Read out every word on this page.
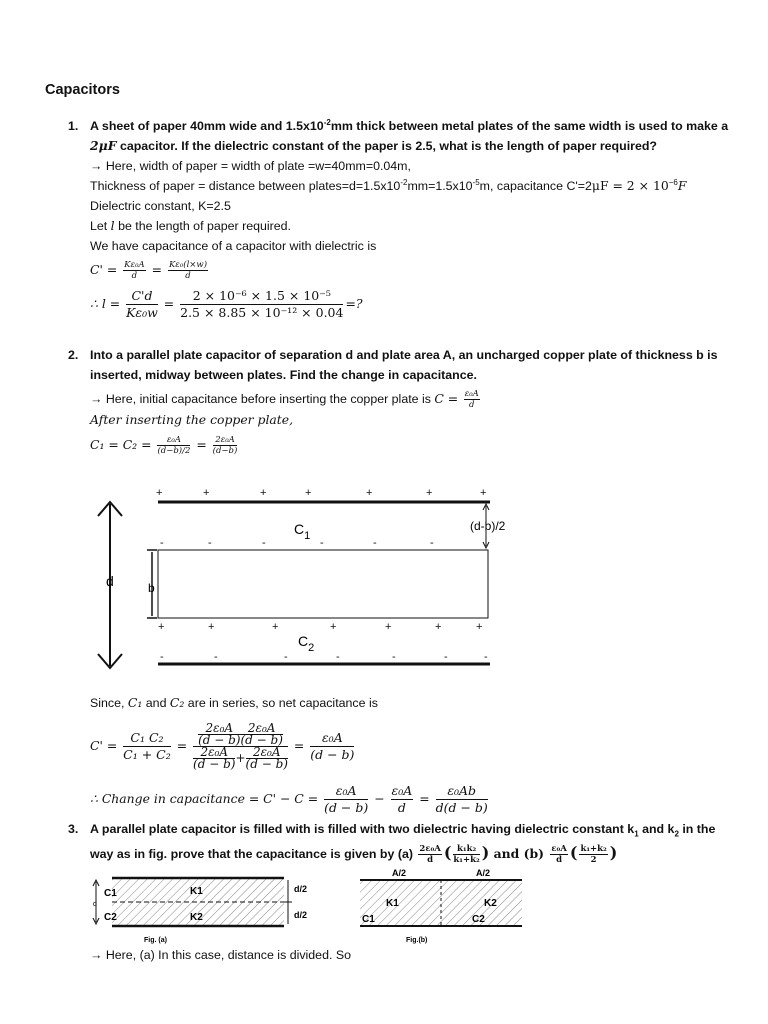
Capacitors
1. A sheet of paper 40mm wide and $1.5x10^{-2}mm$ thick between metal plates of the same width is used to make a
2μF capacitor. If the dielectric constant of the paper is 2.5, what is the length of paper required?
→ Here, width of paper = width of plate =w=40mm=0.04m,
Thickness of paper = distance between $plates=d=1.5x10^{-2}mm=1.5x10^{-5}m$, capacitance $C'=2\mu F = 2 \times 10^{-6}F$
Dielectric constant, K=2.5
Let l be the length of paper required.
We have capacitance of a capacitor with dielectric is
$C' = \frac{\text{Kε₀A}}{d} = \frac{\text{Kε₀(l×w)}}{d}$
∴ $l = \frac{C'd}{\text{Kε₀w}} = \frac{\text{2 × 10⁻⁶ × 1.5 × 10⁻⁵}}{\text{2.5 × 8.85 × 10⁻¹² × 0.04}}$ =?
2. Into a parallel plate capacitor of separation d and plate area A, an uncharged copper plate of thickness b is
inserted, midway between plates. Find the change in capacitance.
→ Here, initial capacitance before inserting the copper plate is $C = \frac{\text{ε₀A}}{d}$
After inserting the copper plate,
$C_1 = C_2 = \frac{\text{ε₀A}}{(d-b)/2} = \frac{\text{2ε₀A}}{(d-b)}$
+	+	+	+	+	+	+
$C_1$
(d-b)/2
-	-	-	-	-	-
b
d
+	+	+	+	+	+	+
$C_2$
-	-	-	-	-	-	-
Since, C₁ and C₂ are in series, so net capacitance is
$C' = \frac{\text{C₁ C₂}}{\text{C₁ + C₂}} = \frac{\frac{\text{2ε₀A}}{(d - b)} \frac{\text{2ε₀A}}{(d - b)}}{\frac{\text{2ε₀A}}{(d - b)} + \frac{\text{2ε₀A}}{(d - b)}} = \frac{\text{ε₀A}}{(d - b)}$
∴ Change in capacitance = $C' - C = \frac{\text{ε₀A}}{(d - b)} - \frac{\text{ε₀A}}{d} = \frac{\text{ε₀Ab}}{d(d - b)}$
3. A parallel plate capacitor is filled with is filled with two dielectric having dielectric constant $k_1$ and $k_2$ in the
way as in fig. prove that the capacitance is given by $(a) \frac{\text{2ε₀A}}{d}$ ( $\frac{\text{k₁k₂}}{\text{k₁+k₂}}$ ) and $(b) \frac{\text{ε₀A}}{d}$ ( $\frac{\text{k₁+k₂}}{2}$ )
d
C1
C2
K1
K2
d/2
d/2
Fig. (a)
A/2	A/2
K1	K2
C1	C2
Fig.(b)
→ Here, (a) In this case, distance is divided. So
